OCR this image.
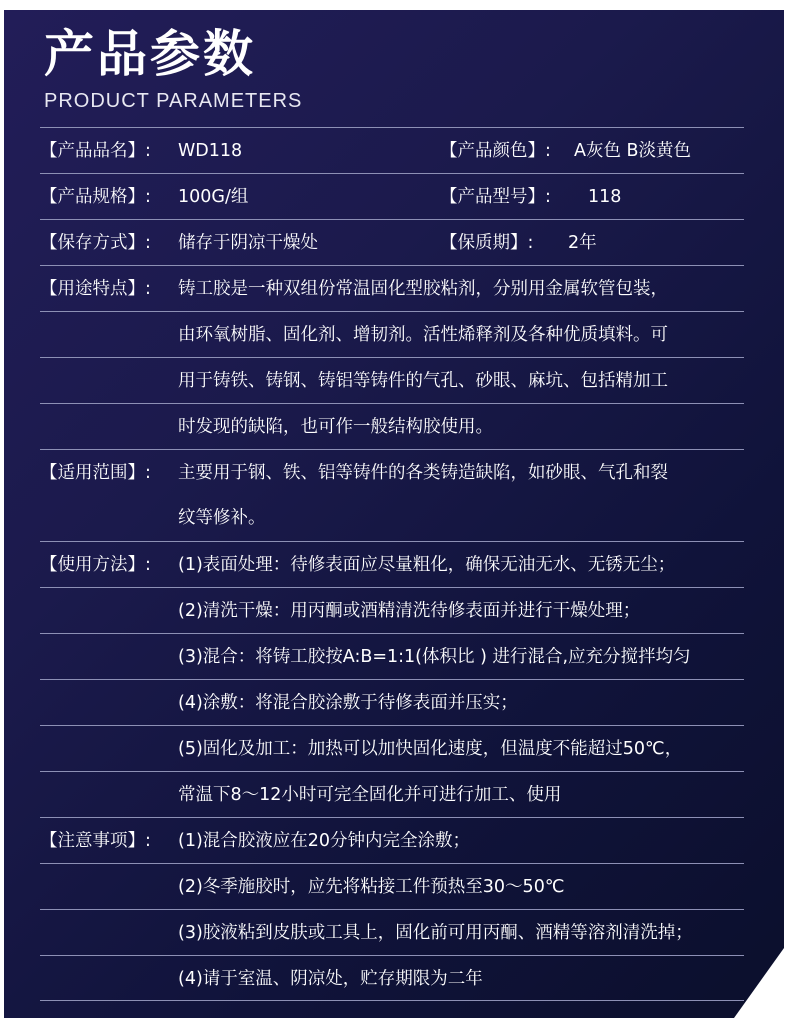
产品参数
PRODUCT PARAMETERS
【产品品名】: WD118	【产品颜色】: A灰色 B淡黄色
【产品规格】: 100G/组	【产品型号】: 118
【保存方式】: 储存于阴凉干燥处	【保质期】: 2年
【用途特点】: 铸工胶是一种双组份常温固化型胶粘剂，分别用金属软管包装，
由环氧树脂、固化剂、增韧剂。活性烯释剂及各种优质填料。可
用于铸铁、铸钢、铸铝等铸件的气孔、砂眼、麻坑、包括精加工
时发现的缺陷，也可作一般结构胶使用。
【适用范围】: 主要用于钢、铁、铝等铸件的各类铸造缺陷，如砂眼、气孔和裂
纹等修补。
【使用方法】: (1)表面处理：待修表面应尽量粗化，确保无油无水、无锈无尘；
(2)清洗干燥：用丙酮或酒精清洗待修表面并进行干燥处理；
(3)混合：将铸工胶按A:B=1:1(体积比 ) 进行混合,应充分搅拌均匀
(4)涂敷：将混合胶涂敷于待修表面并压实；
(5)固化及加工：加热可以加快固化速度，但温度不能超过50℃，
常温下8～12小时可完全固化并可进行加工、使用
【注意事项】: (1)混合胶液应在20分钟内完全涂敷；
(2)冬季施胶时，应先将粘接工件预热至30～50℃
(3)胶液粘到皮肤或工具上，固化前可用丙酮、酒精等溶剂清洗掉；
(4)请于室温、阴凉处，贮存期限为二年
